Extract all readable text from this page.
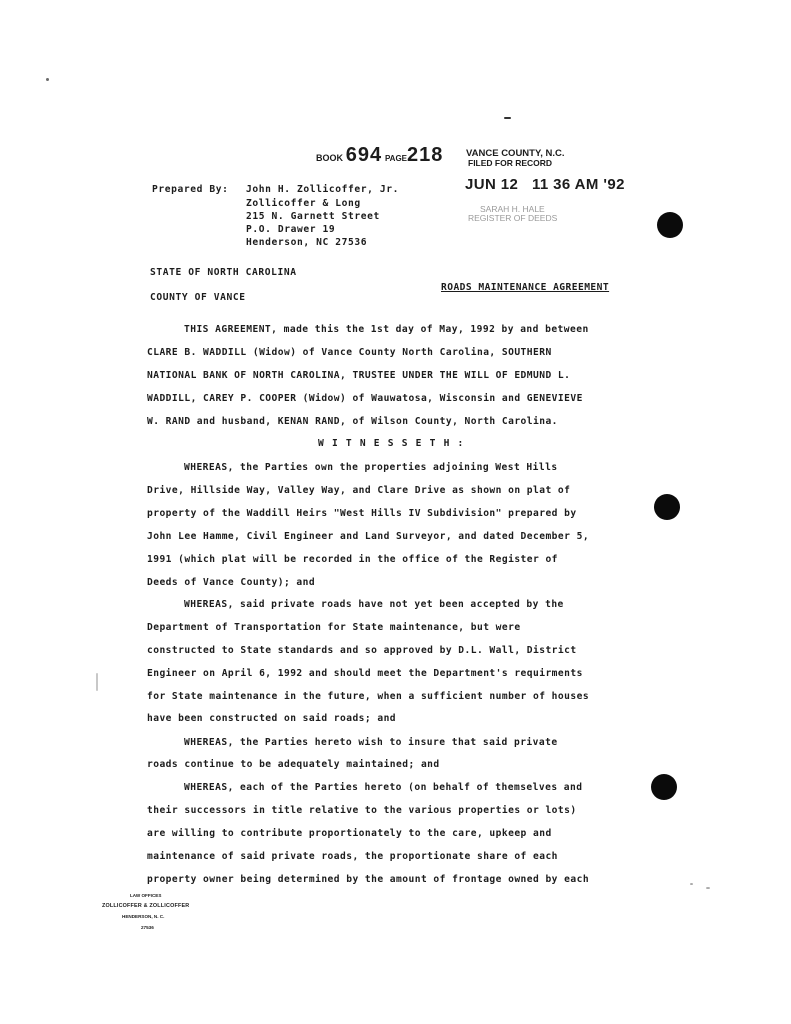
BOOK 694 PAGE218 VANCE COUNTY, N.C.
FILED FOR RECORD
JUN 12   11 36 AM '92
SARAH H. HALE
REGISTER OF DEEDS
Prepared By: John H. Zollicoffer, Jr.
Zollicoffer & Long
215 N. Garnett Street
P.O. Drawer 19
Henderson, NC 27536
STATE OF NORTH CAROLINA
COUNTY OF VANCE
ROADS MAINTENANCE AGREEMENT
THIS AGREEMENT, made this the 1st day of May, 1992 by and between
CLARE B. WADDILL (Widow) of Vance County North Carolina, SOUTHERN
NATIONAL BANK OF NORTH CAROLINA, TRUSTEE UNDER THE WILL OF EDMUND L.
WADDILL, CAREY P. COOPER (Widow) of Wauwatosa, Wisconsin and GENEVIEVE
W. RAND and husband, KENAN RAND, of Wilson County, North Carolina.
W I T N E S S E T H :
WHEREAS, the Parties own the properties adjoining West Hills
Drive, Hillside Way, Valley Way, and Clare Drive as shown on plat of
property of the Waddill Heirs "West Hills IV Subdivision" prepared by
John Lee Hamme, Civil Engineer and Land Surveyor, and dated December 5,
1991 (which plat will be recorded in the office of the Register of
Deeds of Vance County); and
WHEREAS, said private roads have not yet been accepted by the
Department of Transportation for State maintenance, but were
constructed to State standards and so approved by D.L. Wall, District
Engineer on April 6, 1992 and should meet the Department's requirments
for State maintenance in the future, when a sufficient number of houses
have been constructed on said roads; and
WHEREAS, the Parties hereto wish to insure that said private
roads continue to be adequately maintained; and
WHEREAS, each of the Parties hereto (on behalf of themselves and
their successors in title relative to the various properties or lots)
are willing to contribute proportionately to the care, upkeep and
maintenance of said private roads, the proportionate share of each
property owner being determined by the amount of frontage owned by each
LAW OFFICES
ZOLLICOFFER & ZOLLICOFFER
HENDERSON, N. C.
27536
